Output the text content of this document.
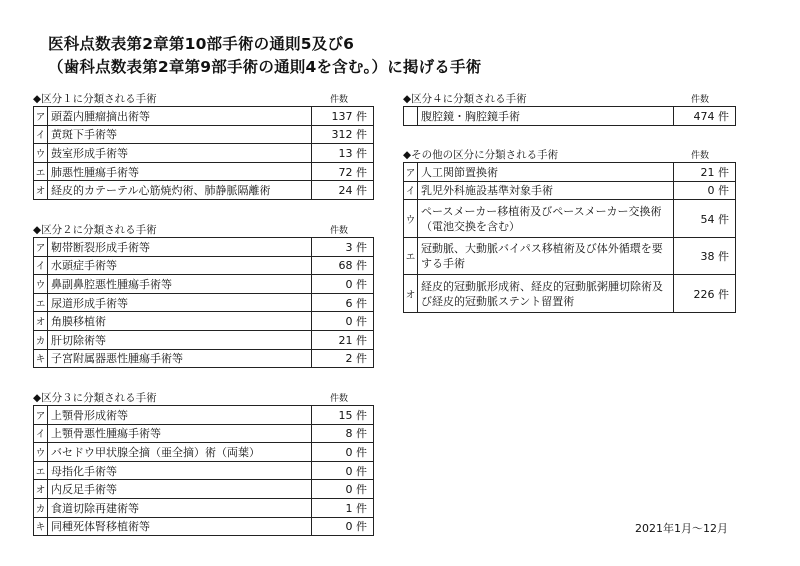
医科点数表第2章第10部手術の通則5及び6
（歯科点数表第2章第9部手術の通則4を含む。）に掲げる手術
◆区分１に分類される手術	件数
ア	頭蓋内腫瘤摘出術等	137 件
イ	黄斑下手術等	312 件
ウ	鼓室形成手術等	13 件
エ	肺悪性腫瘍手術等	72 件
オ	経皮的カテーテル心筋焼灼術、肺静脈隔離術	24 件
◆区分２に分類される手術	件数
ア	靭帯断裂形成手術等	3 件
イ	水頭症手術等	68 件
ウ	鼻副鼻腔悪性腫瘍手術等	0 件
エ	尿道形成手術等	6 件
オ	角膜移植術	0 件
カ	肝切除術等	21 件
キ	子宮附属器悪性腫瘍手術等	2 件
◆区分３に分類される手術	件数
ア	上顎骨形成術等	15 件
イ	上顎骨悪性腫瘍手術等	8 件
ウ	バセドウ甲状腺全摘（亜全摘）術（両葉）	0 件
エ	母指化手術等	0 件
オ	内反足手術等	0 件
カ	食道切除再建術等	1 件
キ	同種死体腎移植術等	0 件
◆区分４に分類される手術	件数
	腹腔鏡・胸腔鏡手術	474 件
◆その他の区分に分類される手術	件数
ア	人工関節置換術	21 件
イ	乳児外科施設基準対象手術	0 件
ウ	ペースメーカー移植術及びペースメーカー交換術（電池交換を含む）	54 件
エ	冠動脈、大動脈バイパス移植術及び体外循環を要する手術	38 件
オ	経皮的冠動脈形成術、経皮的冠動脈粥腫切除術及び経皮的冠動脈ステント留置術	226 件
2021年1月～12月
